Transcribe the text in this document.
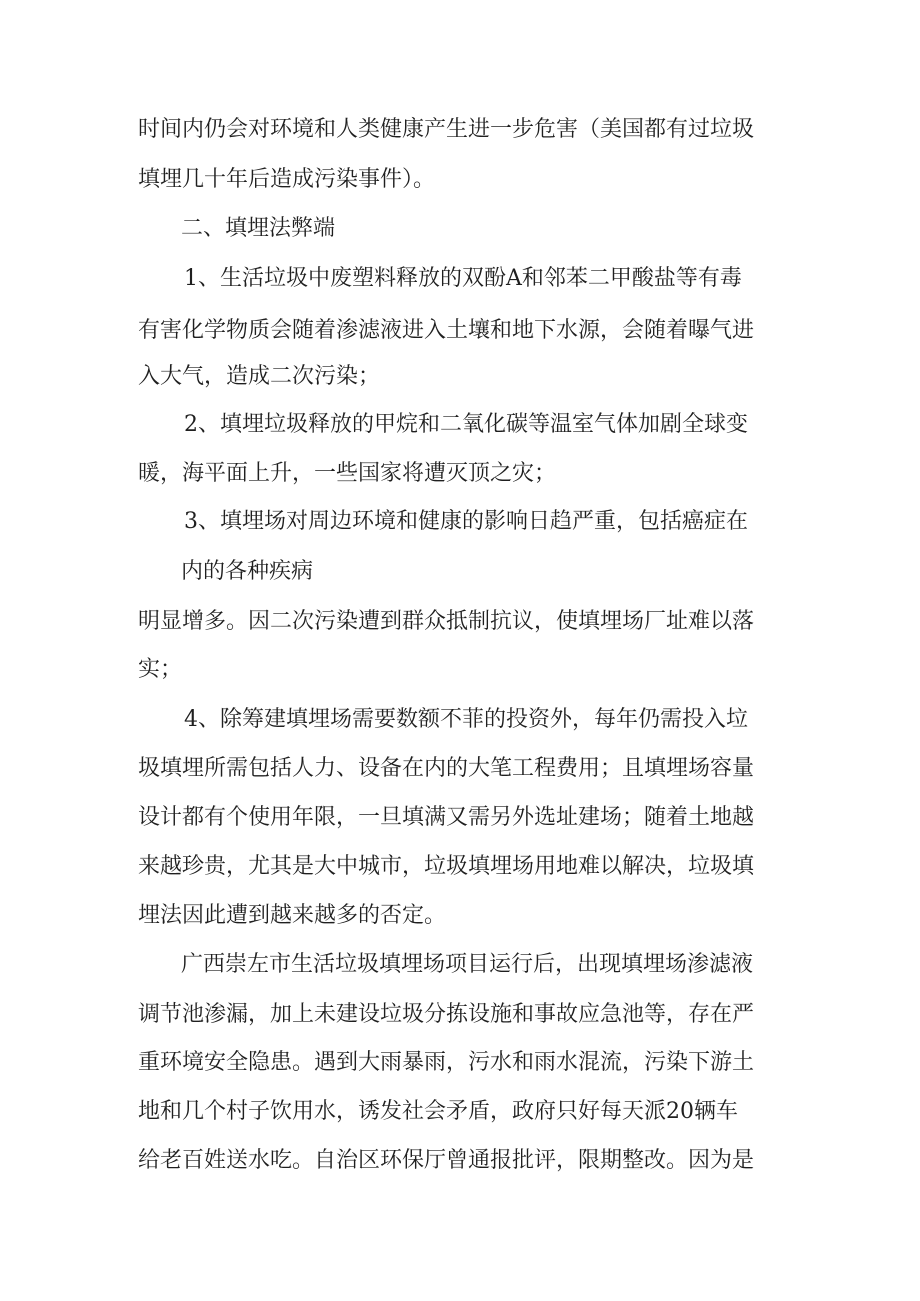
时间内仍会对环境和人类健康产生进一步危害（美国都有过垃圾
填埋几十年后造成污染事件）。
二、填埋法弊端
1、生活垃圾中废塑料释放的双酚A和邻苯二甲酸盐等有毒
有害化学物质会随着渗滤液进入土壤和地下水源，会随着曝气进
入大气，造成二次污染；
2、填埋垃圾释放的甲烷和二氧化碳等温室气体加剧全球变
暖，海平面上升，一些国家将遭灭顶之灾；
3、填埋场对周边环境和健康的影响日趋严重，包括癌症在
内的各种疾病
明显增多。因二次污染遭到群众抵制抗议，使填埋场厂址难以落
实；
4、除筹建填埋场需要数额不菲的投资外，每年仍需投入垃
圾填埋所需包括人力、设备在内的大笔工程费用；且填埋场容量
设计都有个使用年限，一旦填满又需另外选址建场；随着土地越
来越珍贵，尤其是大中城市，垃圾填埋场用地难以解决，垃圾填
埋法因此遭到越来越多的否定。
广西崇左市生活垃圾填埋场项目运行后，出现填埋场渗滤液
调节池渗漏，加上未建设垃圾分拣设施和事故应急池等，存在严
重环境安全隐患。遇到大雨暴雨，污水和雨水混流，污染下游土
地和几个村子饮用水，诱发社会矛盾，政府只好每天派20辆车
给老百姓送水吃。自治区环保厅曾通报批评，限期整改。因为是
